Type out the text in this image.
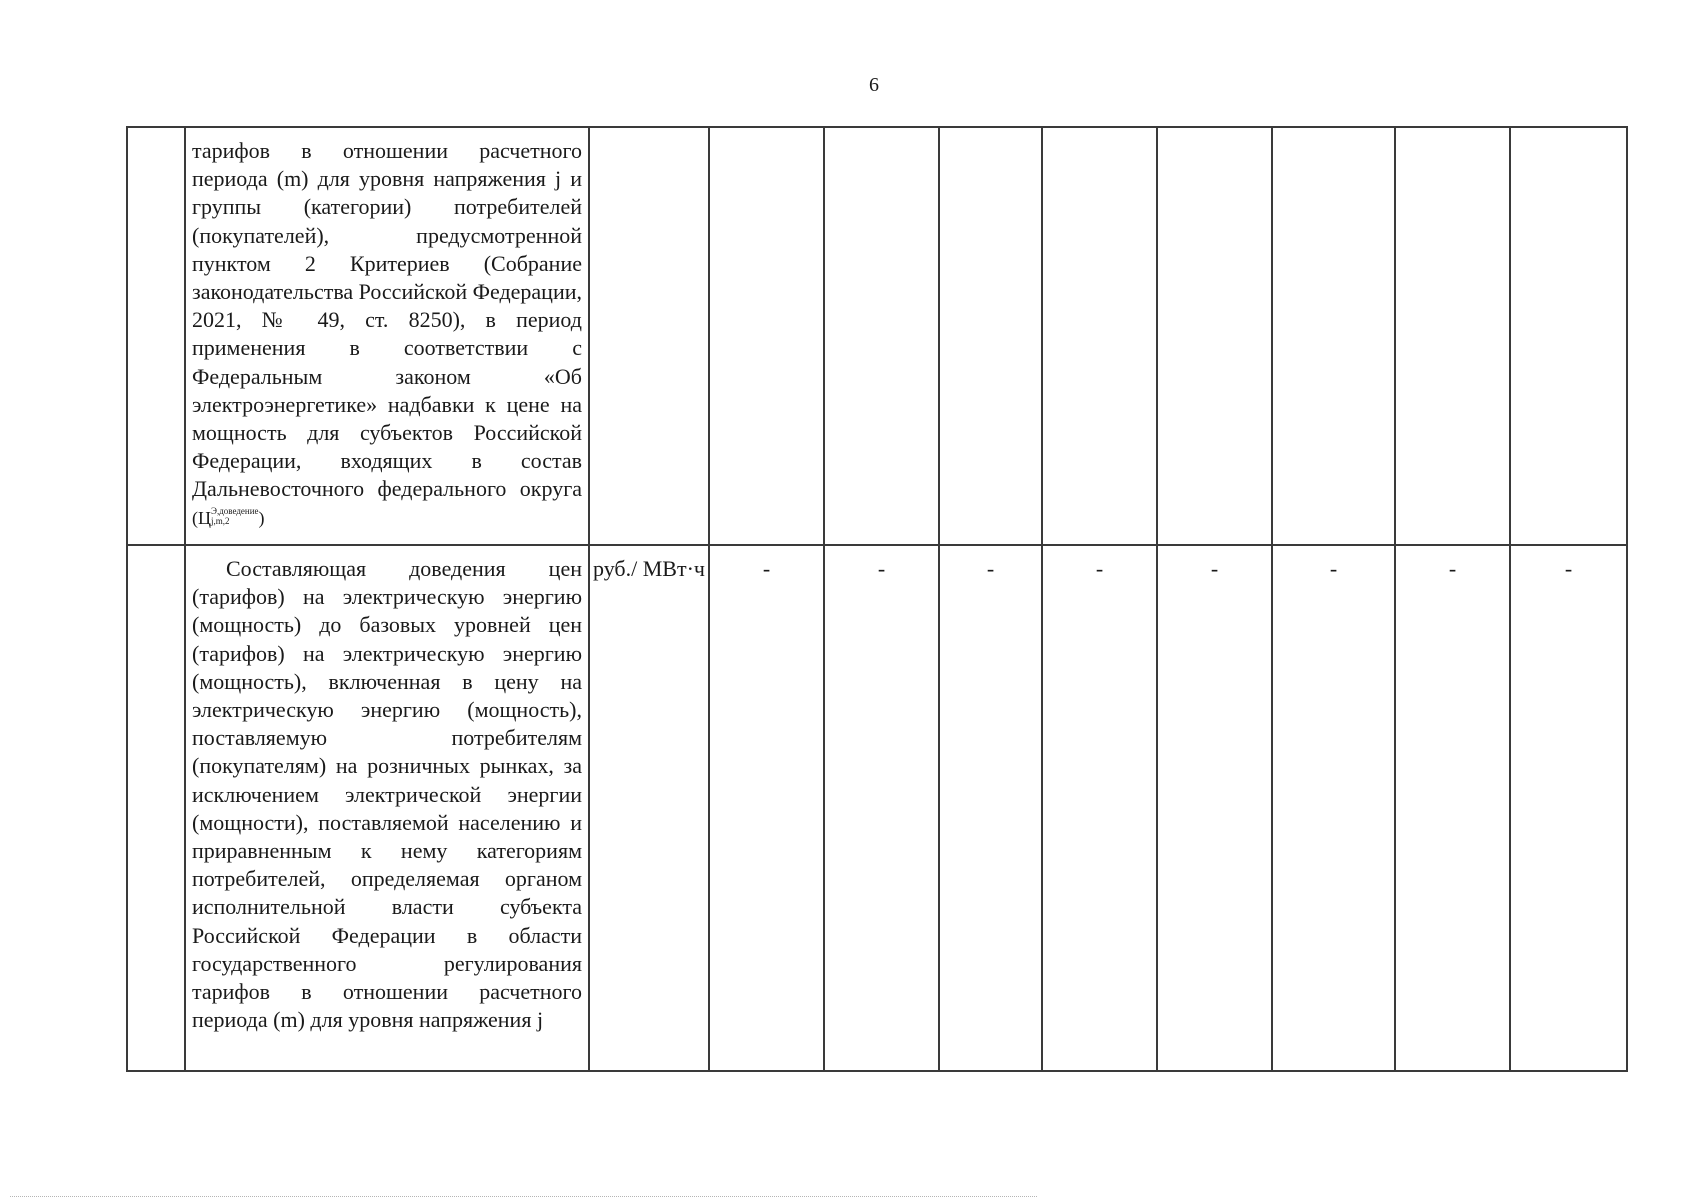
6

	тарифов в отношении расчетного периода (m) для уровня напряжения j и группы (категории) потребителей (покупателей), предусмотренной пунктом 2 Критериев (Собрание законодательства Российской Федерации, 2021, № 49, ст. 8250), в период применения в соответствии с Федеральным законом «Об электроэнергетике» надбавки к цене на мощность для субъектов Российской Федерации, входящих в состав Дальневосточного федерального округа (Ц Э,доведение
j,m,2 )									

	Составляющая доведения цен (тарифов) на электрическую энергию (мощность) до базовых уровней цен (тарифов) на электрическую энергию (мощность), включенная в цену на электрическую энергию (мощность), поставляемую потребителям (покупателям) на розничных рынках, за исключением электрической энергии (мощности), поставляемой населению и приравненным к нему категориям потребителей, определяемая органом исполнительной власти субъекта Российской Федерации в области государственного регулирования тарифов в отношении расчетного периода (m) для уровня напряжения j	руб./ МВт·ч	-	-	-	-	-	-	-	-
